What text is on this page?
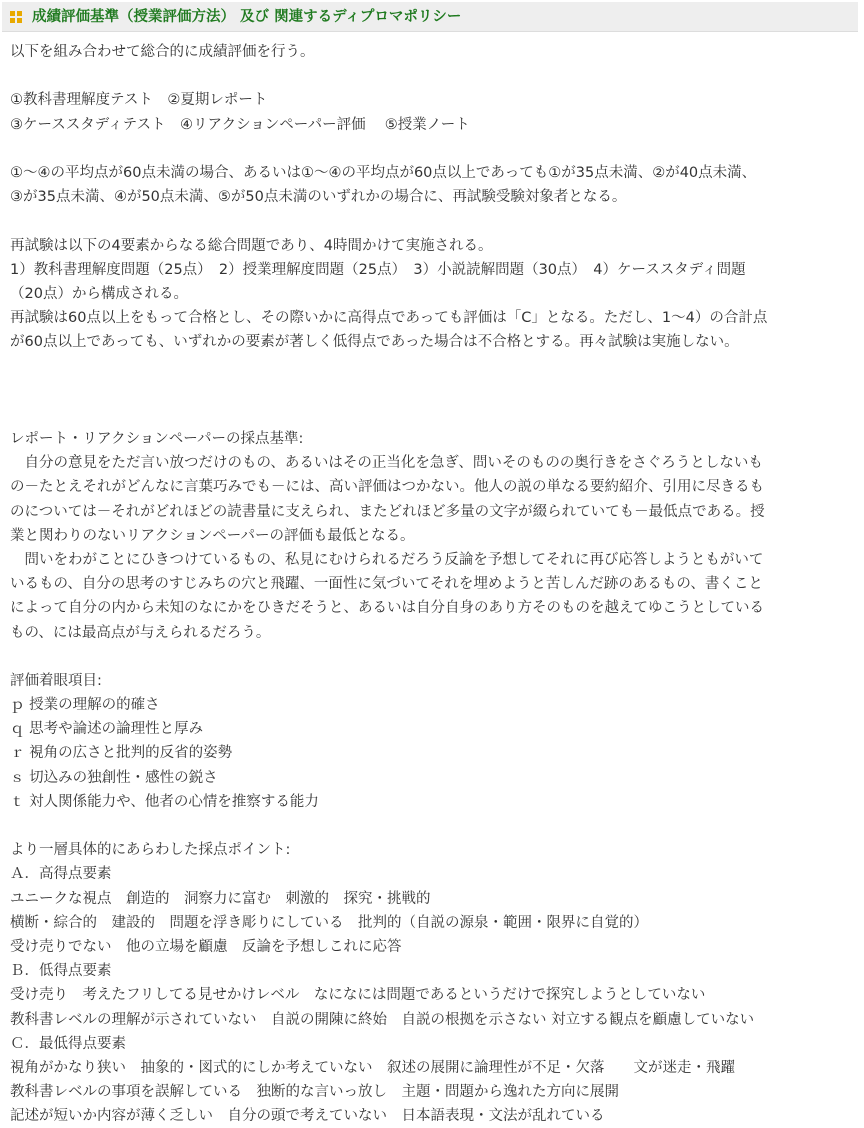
成績評価基準（授業評価方法） 及び 関連するディプロマポリシー
以下を組み合わせて総合的に成績評価を行う。
①教科書理解度テスト　②夏期レポート
③ケーススタディテスト　④リアクションペーパー評価　 ⑤授業ノート
①～④の平均点が60点未満の場合、あるいは①～④の平均点が60点以上であっても①が35点未満、②が40点未満、
③が35点未満、④が50点未満、⑤が50点未満のいずれかの場合に、再試験受験対象者となる。
再試験は以下の4要素からなる総合問題であり、4時間かけて実施される。
1）教科書理解度問題（25点）　2）授業理解度問題（25点）　3）小説読解問題（30点）　4）ケーススタディ問題
（20点）から構成される。
再試験は60点以上をもって合格とし、その際いかに高得点であっても評価は「C」となる。ただし、1～4）の合計点
が60点以上であっても、いずれかの要素が著しく低得点であった場合は不合格とする。再々試験は実施しない。
レポート・リアクションペーパーの採点基準:
　自分の意見をただ言い放つだけのもの、あるいはその正当化を急ぎ、問いそのものの奥行きをさぐろうとしないも
の－たとえそれがどんなに言葉巧みでも－には、高い評価はつかない。他人の説の単なる要約紹介、引用に尽きるも
のについては－それがどれほどの読書量に支えられ、またどれほど多量の文字が綴られていても－最低点である。授
業と関わりのないリアクションペーパーの評価も最低となる。
　問いをわがことにひきつけているもの、私見にむけられるだろう反論を予想してそれに再び応答しようともがいて
いるもの、自分の思考のすじみちの穴と飛躍、一面性に気づいてそれを埋めようと苦しんだ跡のあるもの、書くこと
によって自分の内から未知のなにかをひきだそうと、あるいは自分自身のあり方そのものを越えてゆこうとしている
もの、には最高点が与えられるだろう。
評価着眼項目:
ｐ 授業の理解の的確さ
ｑ 思考や論述の論理性と厚み
ｒ 視角の広さと批判的反省的姿勢
ｓ 切込みの独創性・感性の鋭さ
ｔ 対人関係能力や、他者の心情を推察する能力
より一層具体的にあらわした採点ポイント:
Ａ．高得点要素
ユニークな視点　創造的　洞察力に富む　刺激的　探究・挑戦的
横断・綜合的　建設的　問題を浮き彫りにしている　批判的（自説の源泉・範囲・限界に自覚的）
受け売りでない　他の立場を顧慮　反論を予想しこれに応答
Ｂ．低得点要素
受け売り　考えたフリしてる見せかけレベル　なになには問題であるというだけで探究しようとしていない
教科書レベルの理解が示されていない　自説の開陳に終始　自説の根拠を示さない 対立する観点を顧慮していない
Ｃ．最低得点要素
視角がかなり狭い　抽象的・図式的にしか考えていない　叙述の展開に論理性が不足・欠落　　文が迷走・飛躍
教科書レベルの事項を誤解している　独断的な言いっ放し　主題・問題から逸れた方向に展開
記述が短いか内容が薄く乏しい　自分の頭で考えていない　日本語表現・文法が乱れている
